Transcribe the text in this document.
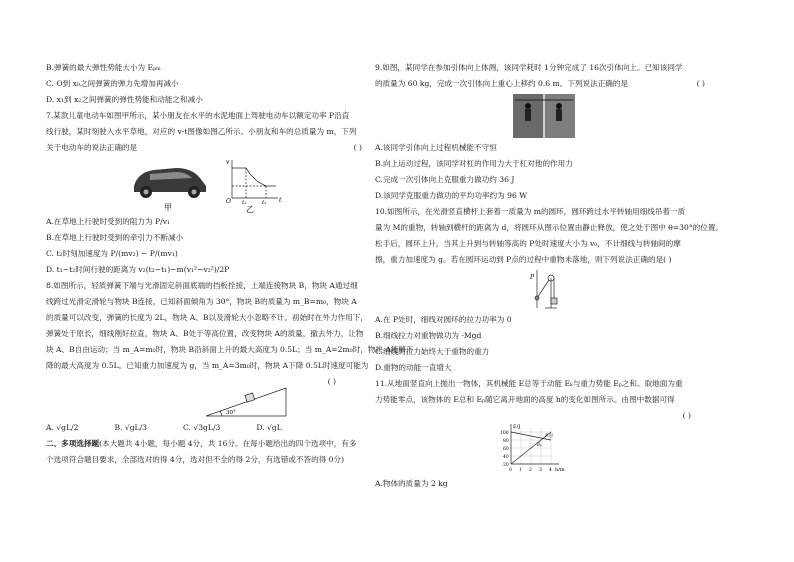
B.弹簧的最大弹性势能大小为 Eₚₘ
C. O到 x₀之间弹簧的弹力先增加再减小
D. x₁到 x₂之间弹簧的弹性势能和动能之和减小
7.某款儿童电动车如图甲所示，某小朋友在水平的水泥地面上驾驶电动车以额定功率 P沿直
线行驶，某时刻驶入水平草地，对应的 v-t图像如图乙所示。小朋友和车的总质量为 m，下列
关于电动车的说法正确的是	( )
甲
v
O t₁	t₂ t
乙
A.在草地上行驶时受到的阻力为 P/v₁
B.在草地上行驶时受到的牵引力不断减小
C. t₂时刻加速度为 P/(mv₂) − P/(mv₁)
D. t₁~t₂时间行驶的距离为 v₂(t₂−t₁)−m(v₁²−v₂²)/2P
8.如图所示，轻质弹簧下端与光滑固定斜面底端的挡板拴接，上端连接物块 B，物块 A通过细
线跨过光滑定滑轮与物块 B连接，已知斜面倾角为 30°，物块 B的质量为 m_B=m₀，物块 A
的质量可以改变，弹簧的长度为 2L，物块 A、B以及滑轮大小忽略不计。初始时在外力作用下，
弹簧处于原长，细线刚好拉直，物块 A、B处于等高位置，改变物块 A的质量，撤去外力，让物
块 A、B自由运动；当 m_A=m₀时，物块 B沿斜面上升的最大高度为 0.5L；当 m_A=2m₀时，物块 A能够下
降的最大高度为 0.5L。已知重力加速度为 g，当 m_A=3m₀时，物块 A下降 0.5L时速度可能为
( )
30°
A. √gL/2	B. √gL/3	C. √3gL/3	D. √gL
二、多项选择题(本大题共 4小题，每小题 4分，共 16分。在每小题给出的四个选项中，有多
个选项符合题目要求，全部选对的得 4分，选对但不全的得 2分，有选错或不答的得 0分)
9.如图，某同学在参加引体向上体测，该同学耗时 1分钟完成了 16次引体向上。已知该同学
的质量为 60 kg，完成一次引体向上重心上移约 0.6 m。下列说法正确的是	( )
A.该同学引体向上过程机械能不守恒
B.向上运动过程，该同学对杠的作用力大于杠对他的作用力
C.完成一次引体向上克服重力做功约 36 J
D.该同学克服重力做功的平均功率约为 96 W
10.如图所示，在光滑竖直横杆上套着一质量为 m的圆环，圆环跨过水平转轴用细线吊着一质
量为 M的重物，转轴到横杆的距离为 d，将圆环从图示位置由静止释放，使之处于图中 θ=30°的位置。
松手后，圆环上升，当其上升到与转轴等高的 P处时速度大小为 v₀，不计细线与转轴间的摩
擦，重力加速度为 g。若在圆环运动到 P点的过程中重物未落地，则下列说法正确的是( )
P
A.在 P处时，细线对圆环的拉力功率为 0
B.细线拉力对重物做功为 -Mgd
C.细线的拉力始终大于重物的重力
D.重物的动能一直增大
11.从地面竖直向上抛出一物体，其机械能 E总等于动能 Eₖ与重力势能 Eₚ之和。取地面为重
力势能零点，该物体的 E总和 Eₚ随它离开地面的高度 h的变化如图所示。由图中数据可得
( )
E/J
h/m
100
80
60
40
20
0 1 2 3 4
E总
Eₚ
A.物体的质量为 2 kg
